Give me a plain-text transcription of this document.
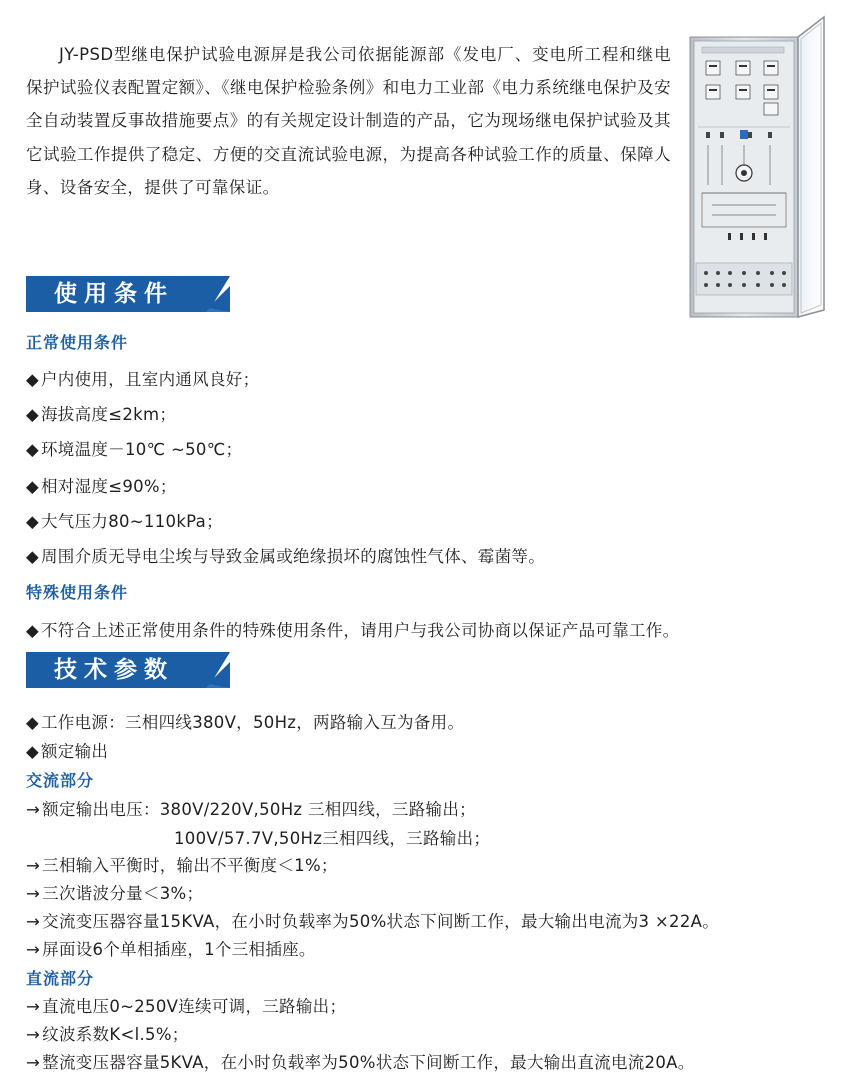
JY-PSD型继电保护试验电源屏是我公司依据能源部《发电厂、变电所工程和继电保护试验仪表配置定额》、《继电保护检验条例》和电力工业部《电力系统继电保护及安全自动装置反事故措施要点》的有关规定设计制造的产品，它为现场继电保护试验及其它试验工作提供了稳定、方便的交直流试验电源，为提高各种试验工作的质量、保障人身、设备安全，提供了可靠保证。

使用条件
正常使用条件
◆ 户内使用，且室内通风良好；
◆ 海拔高度≤2km；
◆ 环境温度－10℃ ~50℃；
◆ 相对湿度≤90%；
◆ 大气压力80~110kPa；
◆ 周围介质无导电尘埃与导致金属或绝缘损坏的腐蚀性气体、霉菌等。
特殊使用条件
◆ 不符合上述正常使用条件的特殊使用条件，请用户与我公司协商以保证产品可靠工作。
技术参数
◆ 工作电源：三相四线380V，50Hz，两路输入互为备用。
◆ 额定输出
交流部分
→ 额定输出电压：380V/220V,50Hz 三相四线，三路输出；
100V/57.7V,50Hz三相四线，三路输出；
→ 三相输入平衡时，输出不平衡度＜1%；
→ 三次谐波分量＜3%；
→ 交流变压器容量15KVA，在小时负载率为50%状态下间断工作，最大输出电流为3 ×22A。
→ 屏面设6个单相插座，1个三相插座。
直流部分
→ 直流电压0~250V连续可调，三路输出；
→ 纹波系数K<l.5%；
→ 整流变压器容量5KVA，在小时负载率为50%状态下间断工作，最大输出直流电流20A。
